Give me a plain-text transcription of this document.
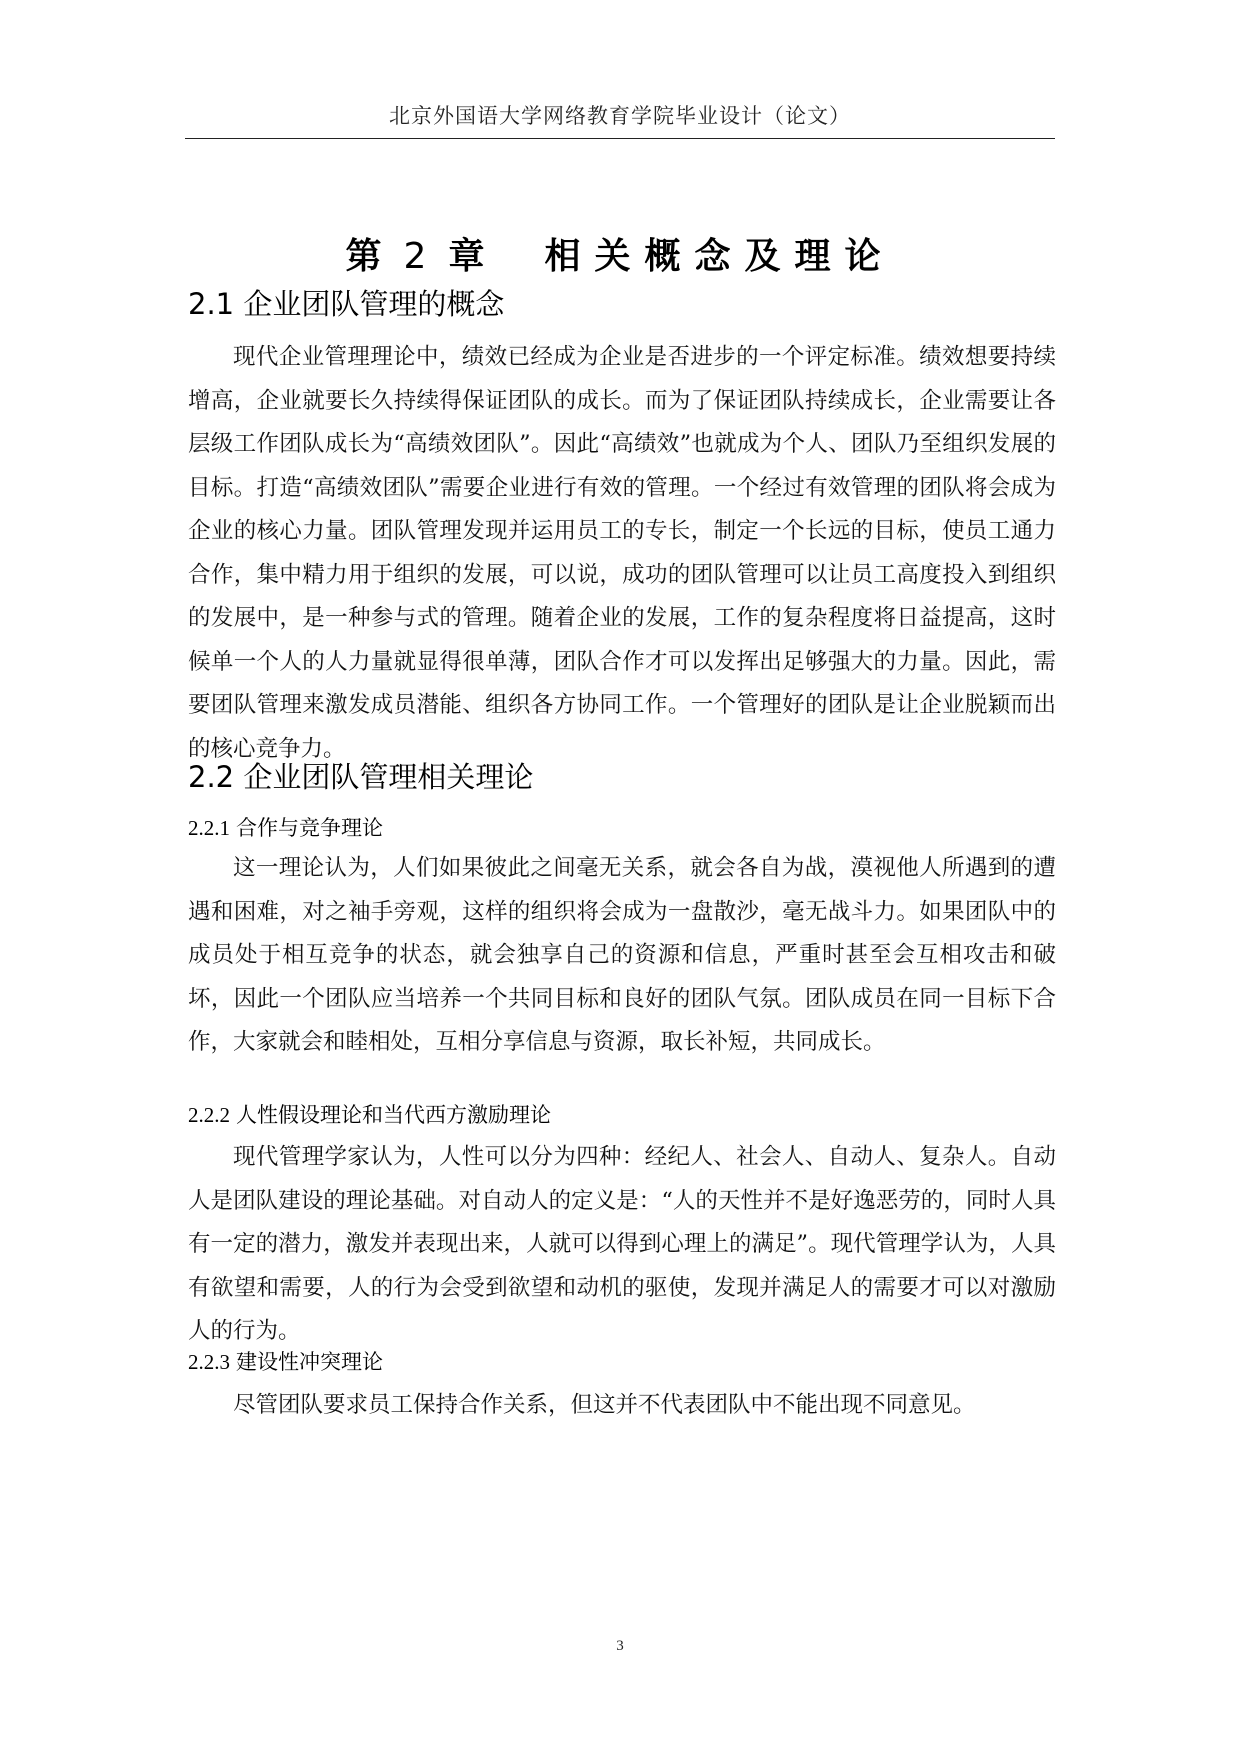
北京外国语大学网络教育学院毕业设计（论文）
第 2 章 相关概念及理论
2.1 企业团队管理的概念

现代企业管理理论中，绩效已经成为企业是否进步的一个评定标准。绩效想要持续增高，企业就要长久持续得保证团队的成长。而为了保证团队持续成长，企业需要让各层级工作团队成长为“高绩效团队”。因此“高绩效”也就成为个人、团队乃至组织发展的目标。打造“高绩效团队”需要企业进行有效的管理。一个经过有效管理的团队将会成为企业的核心力量。团队管理发现并运用员工的专长，制定一个长远的目标，使员工通力合作，集中精力用于组织的发展，可以说，成功的团队管理可以让员工高度投入到组织的发展中，是一种参与式的管理。随着企业的发展，工作的复杂程度将日益提高，这时候单一个人的人力量就显得很单薄，团队合作才可以发挥出足够强大的力量。因此，需要团队管理来激发成员潜能、组织各方协同工作。一个管理好的团队是让企业脱颖而出的核心竞争力。

2.2 企业团队管理相关理论
2.2.1 合作与竞争理论

这一理论认为，人们如果彼此之间毫无关系，就会各自为战，漠视他人所遇到的遭遇和困难，对之袖手旁观，这样的组织将会成为一盘散沙，毫无战斗力。如果团队中的成员处于相互竞争的状态，就会独享自己的资源和信息，严重时甚至会互相攻击和破坏，因此一个团队应当培养一个共同目标和良好的团队气氛。团队成员在同一目标下合作，大家就会和睦相处，互相分享信息与资源，取长补短，共同成长。

2.2.2 人性假设理论和当代西方激励理论

现代管理学家认为，人性可以分为四种：经纪人、社会人、自动人、复杂人。自动人是团队建设的理论基础。对自动人的定义是：“人的天性并不是好逸恶劳的，同时人具有一定的潜力，激发并表现出来，人就可以得到心理上的满足”。现代管理学认为，人具有欲望和需要，人的行为会受到欲望和动机的驱使，发现并满足人的需要才可以对激励人的行为。

2.2.3 建设性冲突理论

尽管团队要求员工保持合作关系，但这并不代表团队中不能出现不同意见。

3
